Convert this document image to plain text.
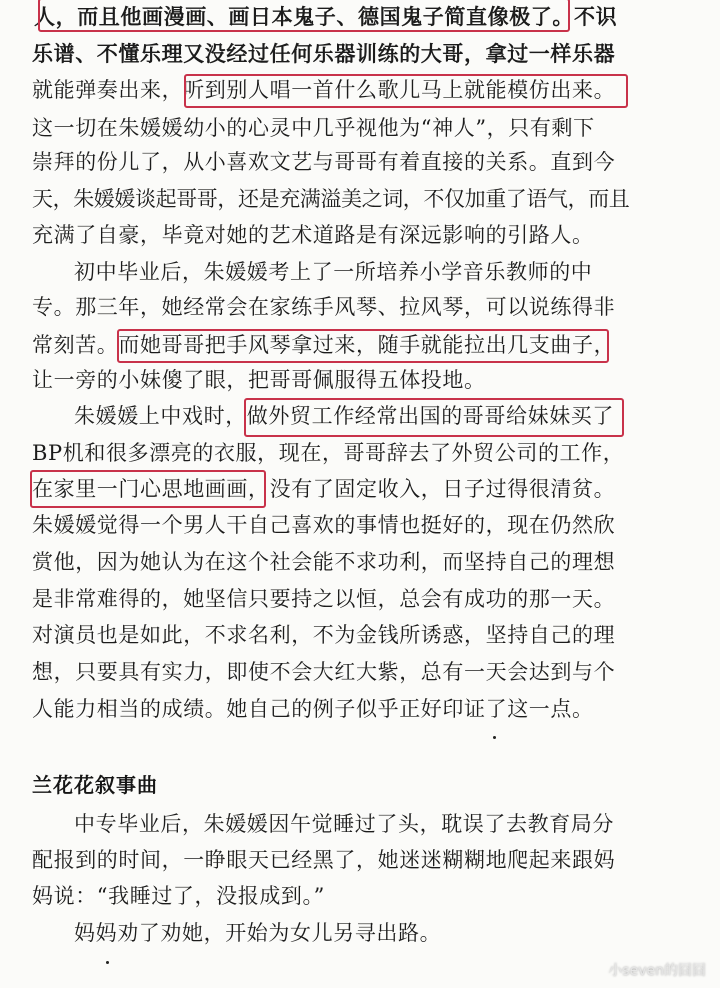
人，而且他画漫画、画日本鬼子、德国鬼子简直像极了。不识
乐谱、不懂乐理又没经过任何乐器训练的大哥，拿过一样乐器
就能弹奏出来，听到别人唱一首什么歌儿马上就能模仿出来。
这一切在朱媛媛幼小的心灵中几乎视他为“神人”，只有剩下
崇拜的份儿了，从小喜欢文艺与哥哥有着直接的关系。直到今
天，朱媛媛谈起哥哥，还是充满溢美之词，不仅加重了语气，而且
充满了自豪，毕竟对她的艺术道路是有深远影响的引路人。
初中毕业后，朱媛媛考上了一所培养小学音乐教师的中
专。那三年，她经常会在家练手风琴、拉风琴，可以说练得非
常刻苦。而她哥哥把手风琴拿过来，随手就能拉出几支曲子，
让一旁的小妹傻了眼，把哥哥佩服得五体投地。
朱媛媛上中戏时，做外贸工作经常出国的哥哥给妹妹买了
BP机和很多漂亮的衣服，现在，哥哥辞去了外贸公司的工作，
在家里一门心思地画画，没有了固定收入，日子过得很清贫。
朱媛媛觉得一个男人干自己喜欢的事情也挺好的，现在仍然欣
赏他，因为她认为在这个社会能不求功利，而坚持自己的理想
是非常难得的，她坚信只要持之以恒，总会有成功的那一天。
对演员也是如此，不求名利，不为金钱所诱惑，坚持自己的理
想，只要具有实力，即使不会大红大紫，总有一天会达到与个
人能力相当的成绩。她自己的例子似乎正好印证了这一点。
兰花花叙事曲
中专毕业后，朱媛媛因午觉睡过了头，耽误了去教育局分
配报到的时间，一睁眼天已经黑了，她迷迷糊糊地爬起来跟妈
妈说：“我睡过了，没报成到。”
妈妈劝了劝她，开始为女儿另寻出路。
小seven的囧囧
